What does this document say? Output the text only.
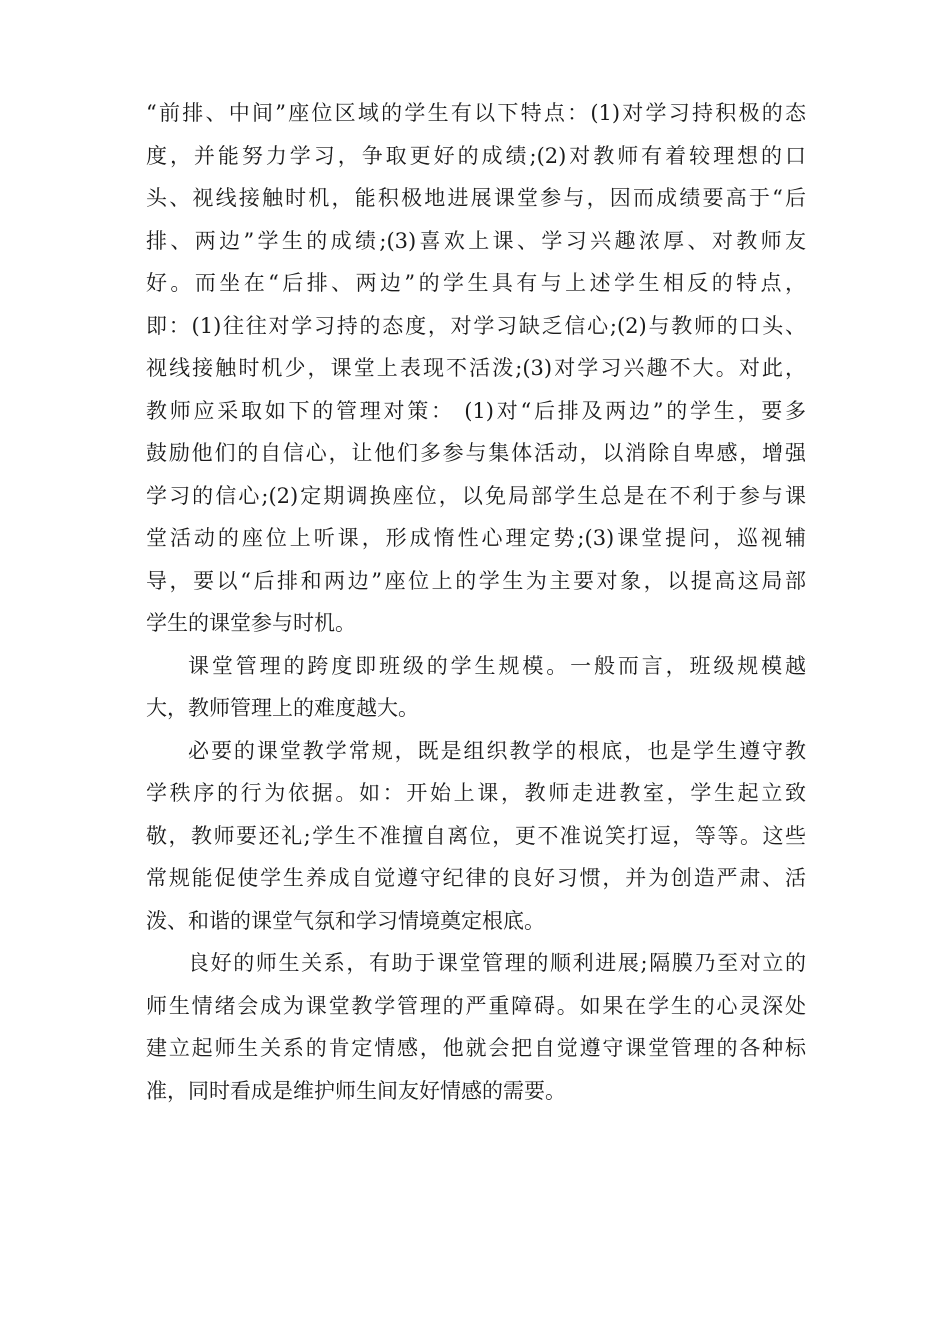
“前排、中间”座位区域的学生有以下特点：(1)对学习持积极的态
度，并能努力学习，争取更好的成绩;(2)对教师有着较理想的口
头、视线接触时机，能积极地进展课堂参与，因而成绩要高于“后
排、两边”学生的成绩;(3)喜欢上课、学习兴趣浓厚、对教师友
好。而坐在“后排、两边”的学生具有与上述学生相反的特点，
即：(1)往往对学习持的态度，对学习缺乏信心;(2)与教师的口头、
视线接触时机少，课堂上表现不活泼;(3)对学习兴趣不大。对此，
教师应采取如下的管理对策： (1)对“后排及两边”的学生，要多
鼓励他们的自信心，让他们多参与集体活动，以消除自卑感，增强
学习的信心;(2)定期调换座位，以免局部学生总是在不利于参与课
堂活动的座位上听课，形成惰性心理定势;(3)课堂提问，巡视辅
导，要以“后排和两边”座位上的学生为主要对象，以提高这局部
学生的课堂参与时机。
课堂管理的跨度即班级的学生规模。一般而言，班级规模越
大，教师管理上的难度越大。
必要的课堂教学常规，既是组织教学的根底，也是学生遵守教
学秩序的行为依据。如：开始上课，教师走进教室，学生起立致
敬，教师要还礼;学生不准擅自离位，更不准说笑打逗，等等。这些
常规能促使学生养成自觉遵守纪律的良好习惯，并为创造严肃、活
泼、和谐的课堂气氛和学习情境奠定根底。
良好的师生关系，有助于课堂管理的顺利进展;隔膜乃至对立的
师生情绪会成为课堂教学管理的严重障碍。如果在学生的心灵深处
建立起师生关系的肯定情感，他就会把自觉遵守课堂管理的各种标
准，同时看成是维护师生间友好情感的需要。
